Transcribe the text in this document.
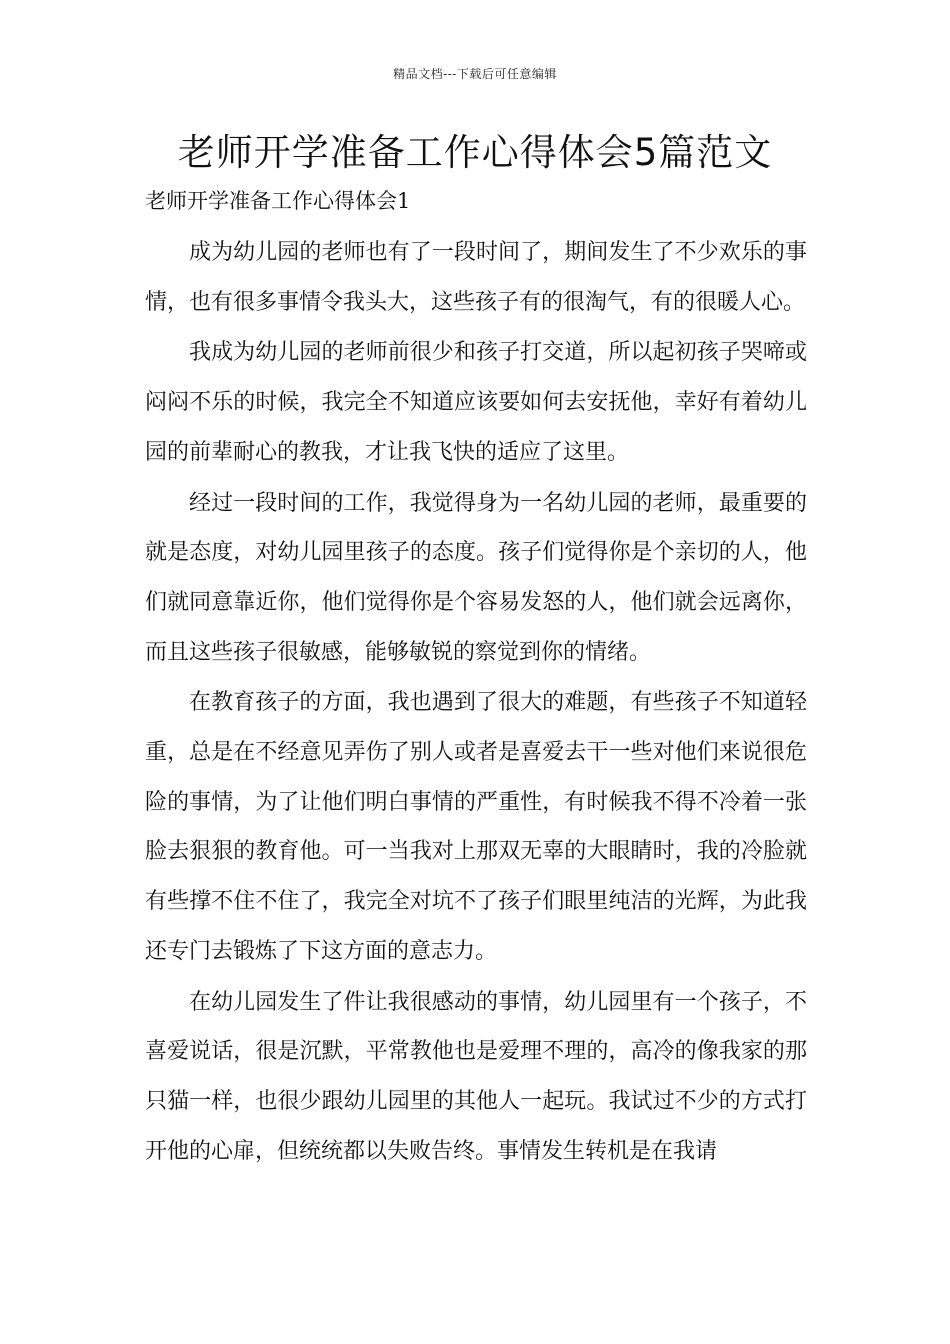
精品文档---下载后可任意编辑
老师开学准备工作心得体会5篇范文

老师开学准备工作心得体会1

成为幼儿园的老师也有了一段时间了，期间发生了不少欢乐的事情，也有很多事情令我头大，这些孩子有的很淘气，有的很暖人心。

我成为幼儿园的老师前很少和孩子打交道，所以起初孩子哭啼或闷闷不乐的时候，我完全不知道应该要如何去安抚他，幸好有着幼儿园的前辈耐心的教我，才让我飞快的适应了这里。

经过一段时间的工作，我觉得身为一名幼儿园的老师，最重要的就是态度，对幼儿园里孩子的态度。孩子们觉得你是个亲切的人，他们就同意靠近你，他们觉得你是个容易发怒的人，他们就会远离你，而且这些孩子很敏感，能够敏锐的察觉到你的情绪。

在教育孩子的方面，我也遇到了很大的难题，有些孩子不知道轻重，总是在不经意见弄伤了别人或者是喜爱去干一些对他们来说很危险的事情，为了让他们明白事情的严重性，有时候我不得不冷着一张脸去狠狠的教育他。可一当我对上那双无辜的大眼睛时，我的冷脸就有些撑不住不住了，我完全对坑不了孩子们眼里纯洁的光辉，为此我还专门去锻炼了下这方面的意志力。

在幼儿园发生了件让我很感动的事情，幼儿园里有一个孩子，不喜爱说话，很是沉默，平常教他也是爱理不理的，高冷的像我家的那只猫一样，也很少跟幼儿园里的其他人一起玩。我试过不少的方式打开他的心扉，但统统都以失败告终。事情发生转机是在我请
